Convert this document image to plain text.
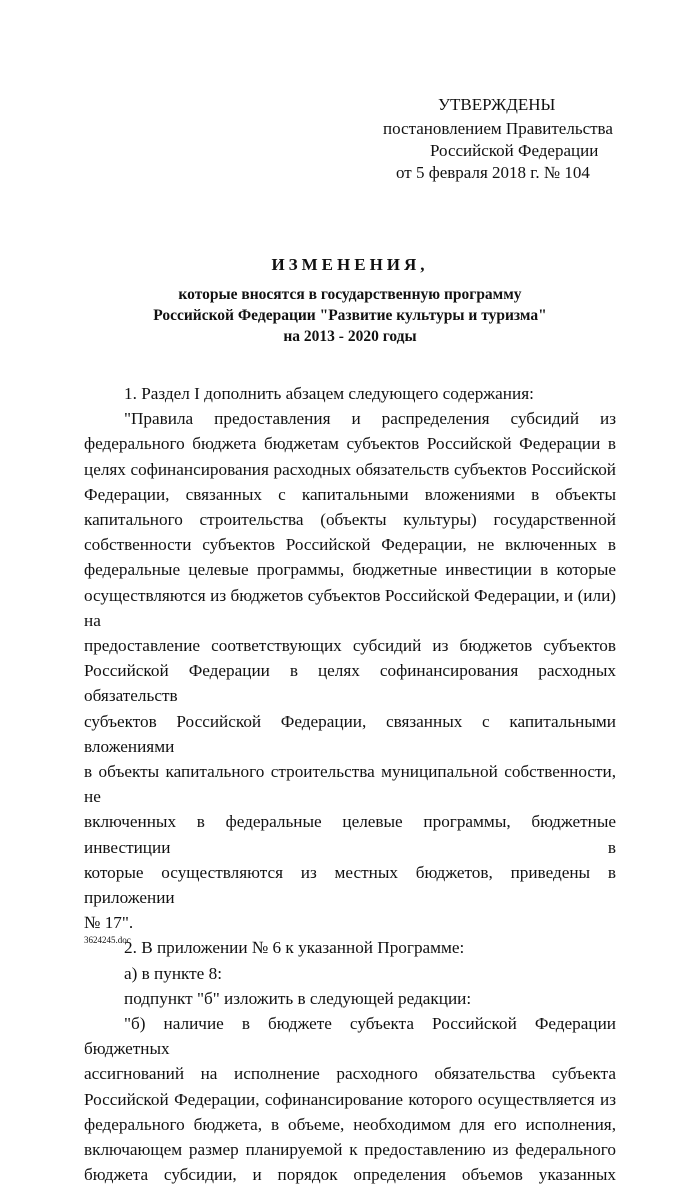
УТВЕРЖДЕНЫ
постановлением Правительства
Российской Федерации
от 5 февраля 2018 г. № 104
ИЗМЕНЕНИЯ,
которые вносятся в государственную программу
Российской Федерации "Развитие культуры и туризма"
на 2013 - 2020 годы

1. Раздел I дополнить абзацем следующего содержания:

"Правила предоставления и распределения субсидий из

федерального бюджета бюджетам субъектов Российской Федерации в

целях софинансирования расходных обязательств субъектов Российской

Федерации, связанных с капитальными вложениями в объекты

капитального строительства (объекты культуры) государственной

собственности субъектов Российской Федерации, не включенных в

федеральные целевые программы, бюджетные инвестиции в которые

осуществляются из бюджетов субъектов Российской Федерации, и (или) на

предоставление соответствующих субсидий из бюджетов субъектов

Российской Федерации в целях софинансирования расходных обязательств

субъектов Российской Федерации, связанных с капитальными вложениями

в объекты капитального строительства муниципальной собственности, не

включенных в федеральные целевые программы, бюджетные инвестиции в

которые осуществляются из местных бюджетов, приведены в приложении

№ 17".

2. В приложении № 6 к указанной Программе:

а) в пункте 8:

подпункт "б" изложить в следующей редакции:

"б) наличие в бюджете субъекта Российской Федерации бюджетных

ассигнований на исполнение расходного обязательства субъекта

Российской Федерации, софинансирование которого осуществляется из

федерального бюджета, в объеме, необходимом для его исполнения,

включающем размер планируемой к предоставлению из федерального

бюджета субсидии, и порядок определения объемов указанных

3624245.doc
